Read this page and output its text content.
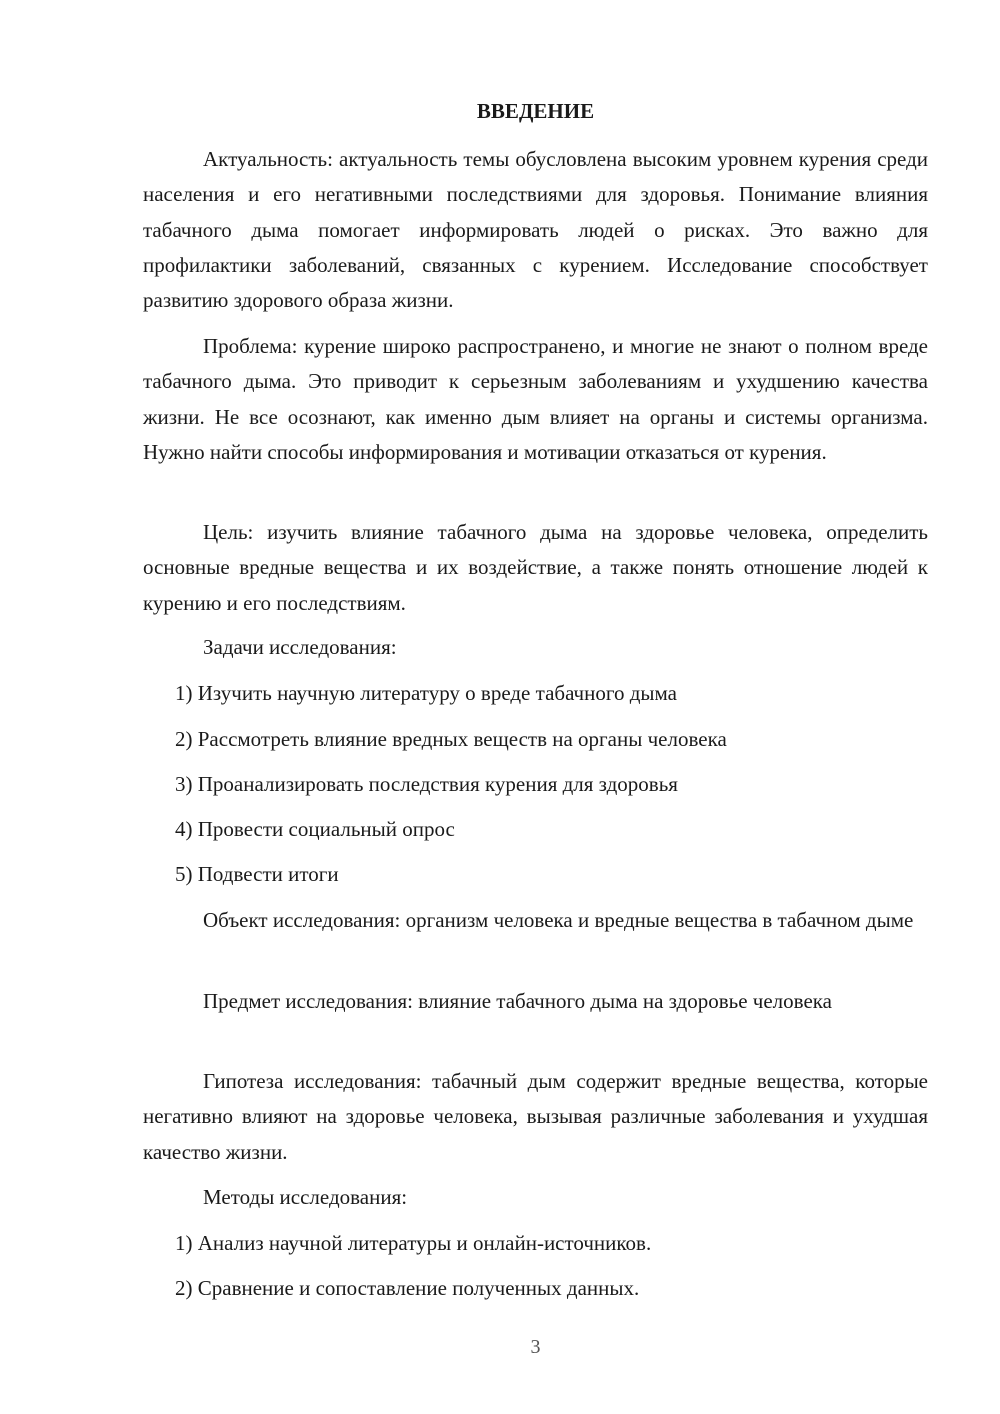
ВВЕДЕНИЕ

Актуальность: актуальность темы обусловлена высоким уровнем курения среди населения и его негативными последствиями для здоровья. Понимание влияния табачного дыма помогает информировать людей о рисках. Это важно для профилактики заболеваний, связанных с курением. Исследование способствует развитию здорового образа жизни.

Проблема: курение широко распространено, и многие не знают о полном вреде табачного дыма. Это приводит к серьезным заболеваниям и ухудшению качества жизни. Не все осознают, как именно дым влияет на органы и системы организма. Нужно найти способы информирования и мотивации отказаться от курения.

Цель: изучить влияние табачного дыма на здоровье человека, определить основные вредные вещества и их воздействие, а также понять отношение людей к курению и его последствиям.

Задачи исследования:

1) Изучить научную литературу о вреде табачного дыма

2) Рассмотреть влияние вредных веществ на органы человека

3) Проанализировать последствия курения для здоровья

4) Провести социальный опрос

5) Подвести итоги

Объект исследования: организм человека и вредные вещества в табачном дыме

Предмет исследования: влияние табачного дыма на здоровье человека

Гипотеза исследования: табачный дым содержит вредные вещества, которые негативно влияют на здоровье человека, вызывая различные заболевания и ухудшая качество жизни.

Методы исследования:

1) Анализ научной литературы и онлайн-источников.

2) Сравнение и сопоставление полученных данных.

3
